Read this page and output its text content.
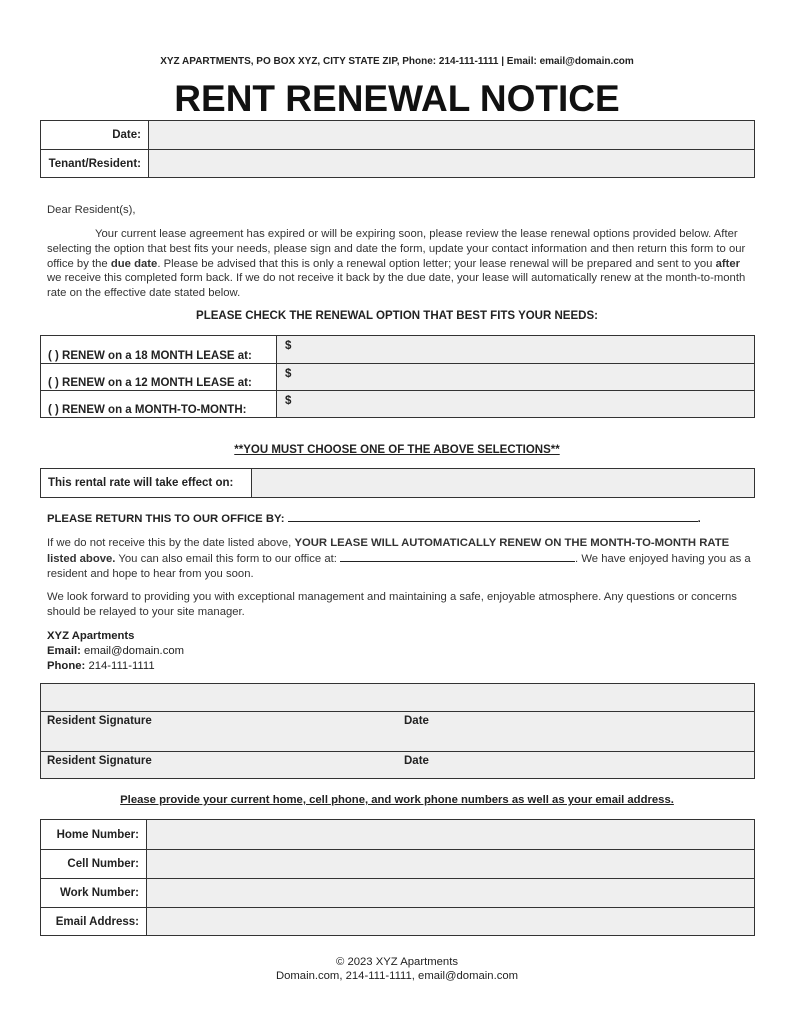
XYZ APARTMENTS, PO BOX XYZ, CITY STATE ZIP, Phone: 214-111-1111 | Email: email@domain.com
RENT RENEWAL NOTICE
Date:
Tenant/Resident:
Dear Resident(s),
Your current lease agreement has expired or will be expiring soon, please review the lease renewal options provided below. After selecting the option that best fits your needs, please sign and date the form, update your contact information and then return this form to our office by the due date. Please be advised that this is only a renewal option letter; your lease renewal will be prepared and sent to you after we receive this completed form back. If we do not receive it back by the due date, your lease will automatically renew at the month-to-month rate on the effective date stated below.
PLEASE CHECK THE RENEWAL OPTION THAT BEST FITS YOUR NEEDS:
( ) RENEW on a 18 MONTH LEASE at:
$
( ) RENEW on a 12 MONTH LEASE at:
$
( ) RENEW on a MONTH-TO-MONTH:
$
**YOU MUST CHOOSE ONE OF THE ABOVE SELECTIONS**
This rental rate will take effect on:
PLEASE RETURN THIS TO OUR OFFICE BY:	.
If we do not receive this by the date listed above, YOUR LEASE WILL AUTOMATICALLY RENEW ON THE MONTH-TO-MONTH RATE listed above. You can also email this form to our office at:	. We have enjoyed having you as a resident and hope to hear from you soon.
We look forward to providing you with exceptional management and maintaining a safe, enjoyable atmosphere. Any questions or concerns should be relayed to your site manager.
XYZ Apartments
Email: email@domain.com
Phone: 214-111-1111
Resident Signature	Date
Resident Signature	Date
Please provide your current home, cell phone, and work phone numbers as well as your email address.
Home Number:
Cell Number:
Work Number:
Email Address:
© 2023 XYZ Apartments
Domain.com, 214-111-1111, email@domain.com
